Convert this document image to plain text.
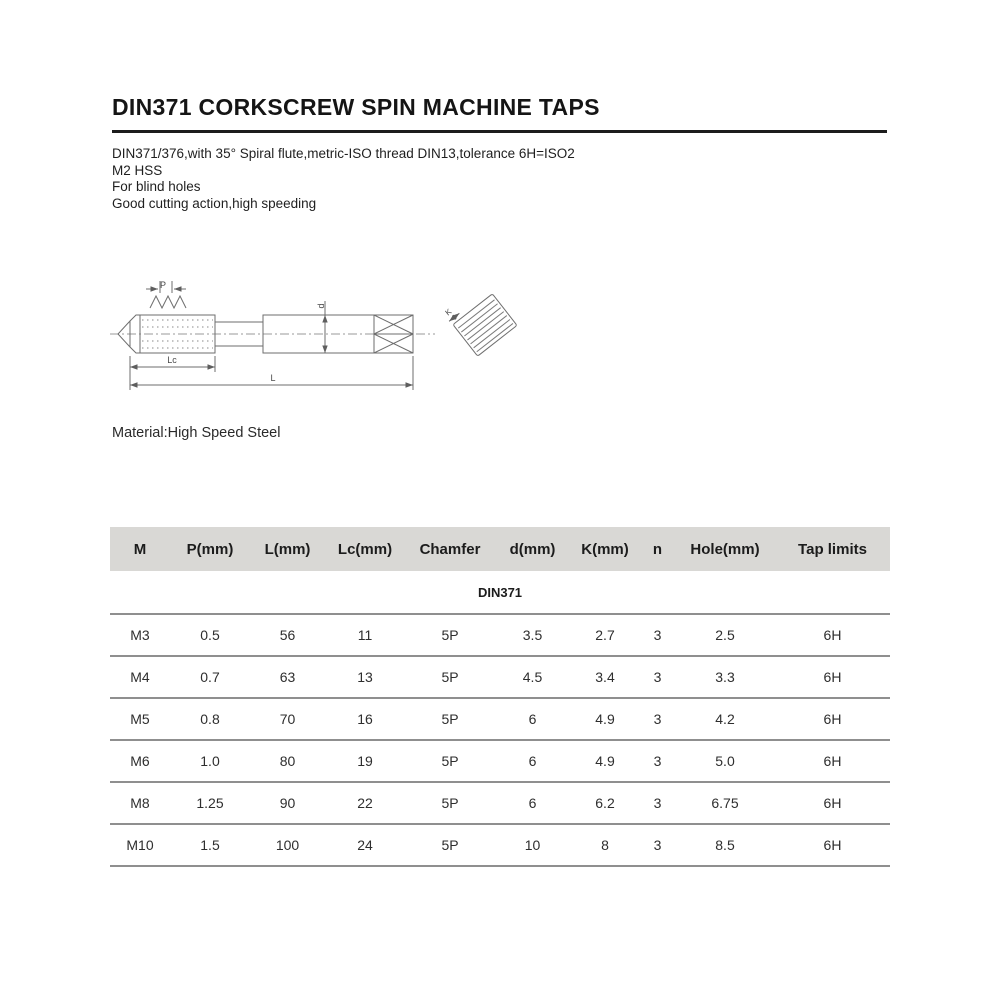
DIN371 CORKSCREW SPIN MACHINE TAPS
DIN371/376,with 35° Spiral flute,metric-ISO thread DIN13,tolerance 6H=ISO2
M2 HSS
For blind holes
Good cutting action,high speeding
P
d
Lc
L
K
Material:High Speed Steel
M	P(mm)	L(mm)	Lc(mm)	Chamfer	d(mm)	K(mm)	n	Hole(mm)	Tap limits
DIN371									
M3	0.5	56	11	5P	3.5	2.7	3	2.5	6H
M4	0.7	63	13	5P	4.5	3.4	3	3.3	6H
M5	0.8	70	16	5P	6	4.9	3	4.2	6H
M6	1.0	80	19	5P	6	4.9	3	5.0	6H
M8	1.25	90	22	5P	6	6.2	3	6.75	6H
M10	1.5	100	24	5P	10	8	3	8.5	6H
